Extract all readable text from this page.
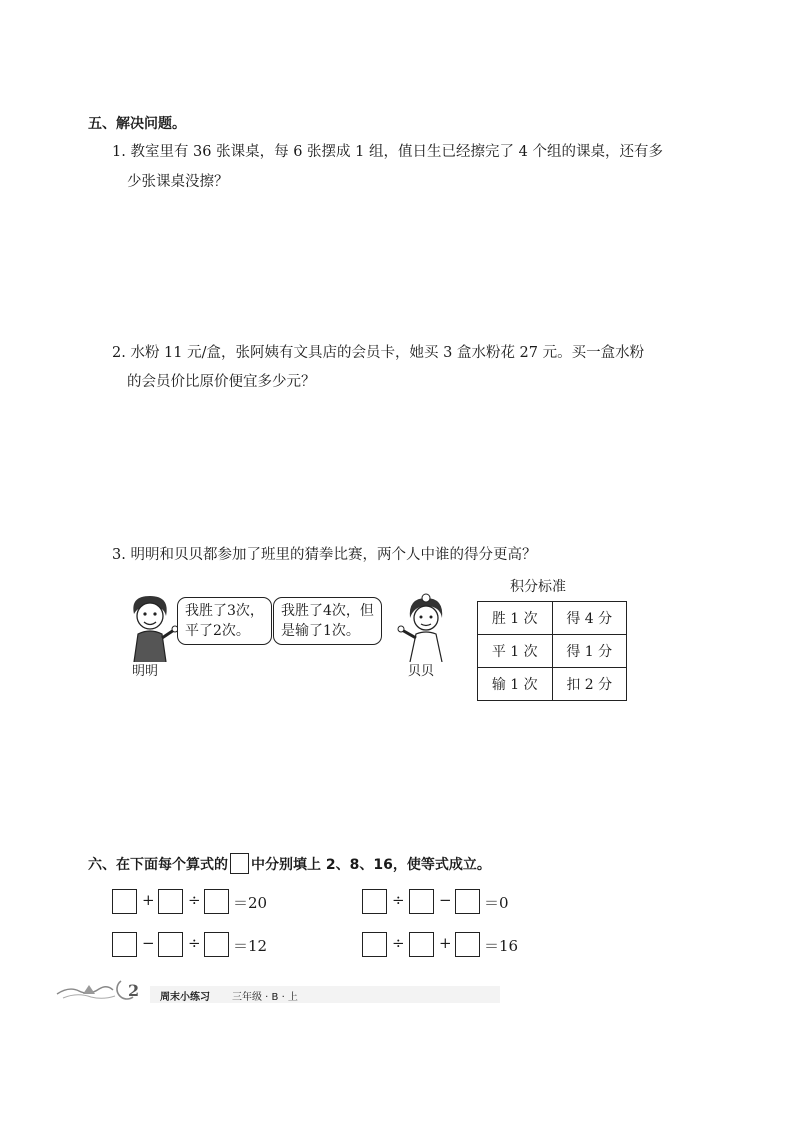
五、解决问题。
1. 教室里有 36 张课桌，每 6 张摆成 1 组，值日生已经擦完了 4 个组的课桌，还有多
少张课桌没擦？
2. 水粉 11 元/盒，张阿姨有文具店的会员卡，她买 3 盒水粉花 27 元。买一盒水粉
的会员价比原价便宜多少元？
3. 明明和贝贝都参加了班里的猜拳比赛，两个人中谁的得分更高？
明明
我胜了3次，
平了2次。
我胜了4次，但
是输了1次。
贝贝
积分标准
胜 1 次	得 4 分
平 1 次	得 1 分
输 1 次	扣 2 分
六、在下面每个算式的 中分别填上 2、8、16，使等式成立。
+ ÷ ＝20	÷ − ＝0
− ÷ ＝12	÷ + ＝16
2 周末小练习 三年级 · B · 上
